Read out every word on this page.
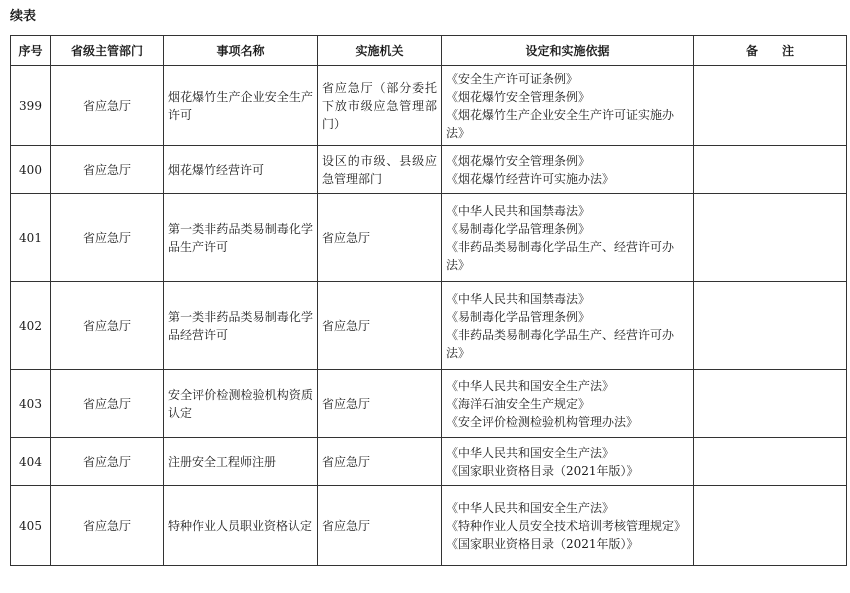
续表
序号	省级主管部门	事项名称	实施机关	设定和实施依据	备　　注
399	省应急厅	烟花爆竹生产企业安全生产许可	省应急厅（部分委托下放市级应急管理部门）	《安全生产许可证条例》
《烟花爆竹安全管理条例》
《烟花爆竹生产企业安全生产许可证实施办法》	

400	省应急厅	烟花爆竹经营许可	设区的市级、县级应急管理部门	《烟花爆竹安全管理条例》
《烟花爆竹经营许可实施办法》	

401	省应急厅	第一类非药品类易制毒化学品生产许可	省应急厅	《中华人民共和国禁毒法》
《易制毒化学品管理条例》
《非药品类易制毒化学品生产、经营许可办法》	

402	省应急厅	第一类非药品类易制毒化学品经营许可	省应急厅	《中华人民共和国禁毒法》
《易制毒化学品管理条例》
《非药品类易制毒化学品生产、经营许可办法》	

403	省应急厅	安全评价检测检验机构资质认定	省应急厅	《中华人民共和国安全生产法》
《海洋石油安全生产规定》
《安全评价检测检验机构管理办法》	

404	省应急厅	注册安全工程师注册	省应急厅	《中华人民共和国安全生产法》
《国家职业资格目录（2021年版）》	

405	省应急厅	特种作业人员职业资格认定	省应急厅	《中华人民共和国安全生产法》
《特种作业人员安全技术培训考核管理规定》
《国家职业资格目录（2021年版）》	
